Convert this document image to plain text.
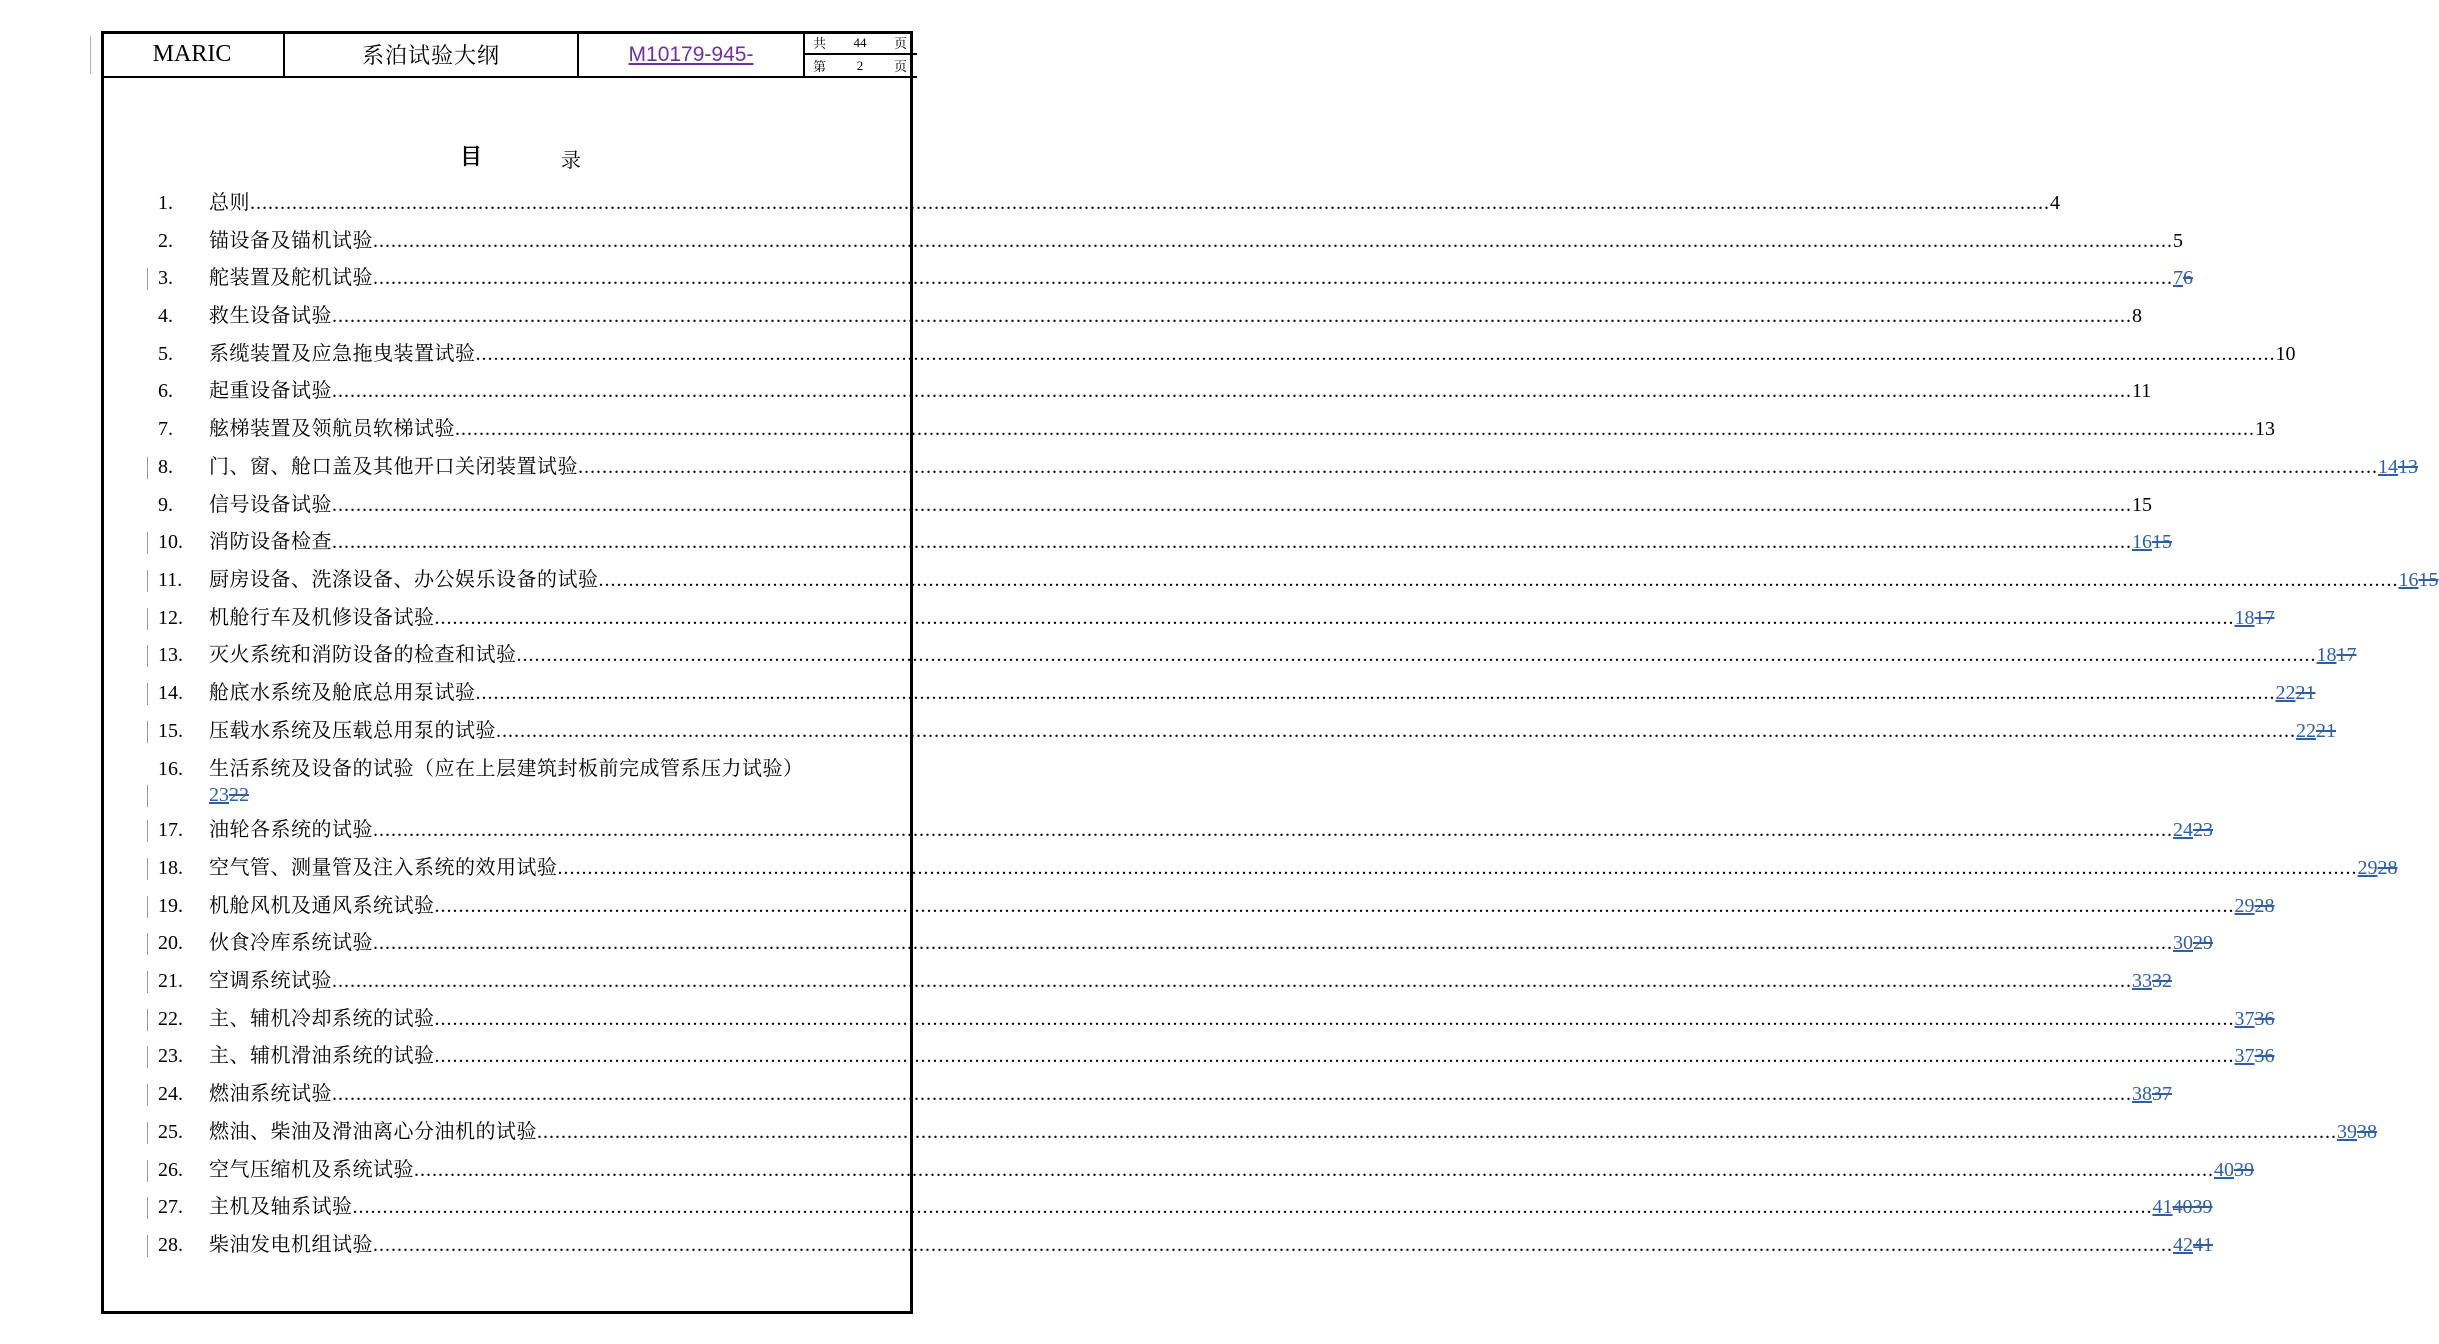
MARIC	系泊试验大纲	M10179-945-	共 44 页
第 2 页
目	录
1.	总则 ............................................................................................................................................................................................................................................................................................................ 4
2.	锚设备及锚机试验 ............................................................................................................................................................................................................................................................................................................ 5
3.	舵装置及舵机试验 ............................................................................................................................................................................................................................................................................................................ 76
4.	救生设备试验 ............................................................................................................................................................................................................................................................................................................ 8
5.	系缆装置及应急拖曳装置试验 ............................................................................................................................................................................................................................................................................................................ 10
6.	起重设备试验 ............................................................................................................................................................................................................................................................................................................ 11
7.	舷梯装置及领航员软梯试验 ............................................................................................................................................................................................................................................................................................................ 13
8.	门、窗、舱口盖及其他开口关闭装置试验 ............................................................................................................................................................................................................................................................................................................ 1413
9.	信号设备试验 ............................................................................................................................................................................................................................................................................................................ 15
10.	消防设备检查 ............................................................................................................................................................................................................................................................................................................ 1615
11.	厨房设备、洗涤设备、办公娱乐设备的试验 ............................................................................................................................................................................................................................................................................................................ 1615
12.	机舱行车及机修设备试验 ............................................................................................................................................................................................................................................................................................................ 1817
13.	灭火系统和消防设备的检查和试验 ............................................................................................................................................................................................................................................................................................................ 1817
14.	舱底水系统及舱底总用泵试验 ............................................................................................................................................................................................................................................................................................................ 2221
15.	压载水系统及压载总用泵的试验 ............................................................................................................................................................................................................................................................................................................ 2221
16. 生活系统及设备的试验（应在上层建筑封板前完成管系压力试验）
2322
17.	油轮各系统的试验 ............................................................................................................................................................................................................................................................................................................ 2423
18.	空气管、测量管及注入系统的效用试验 ............................................................................................................................................................................................................................................................................................................ 2928
19.	机舱风机及通风系统试验 ............................................................................................................................................................................................................................................................................................................ 2928
20.	伙食冷库系统试验 ............................................................................................................................................................................................................................................................................................................ 3029
21.	空调系统试验 ............................................................................................................................................................................................................................................................................................................ 3332
22.	主、辅机冷却系统的试验 ............................................................................................................................................................................................................................................................................................................ 3736
23.	主、辅机滑油系统的试验 ............................................................................................................................................................................................................................................................................................................ 3736
24.	燃油系统试验 ............................................................................................................................................................................................................................................................................................................ 3837
25.	燃油、柴油及滑油离心分油机的试验 ............................................................................................................................................................................................................................................................................................................ 3938
26.	空气压缩机及系统试验 ............................................................................................................................................................................................................................................................................................................ 4039
27.	主机及轴系试验 ............................................................................................................................................................................................................................................................................................................ 414039
28.	柴油发电机组试验 ............................................................................................................................................................................................................................................................................................................ 4241
